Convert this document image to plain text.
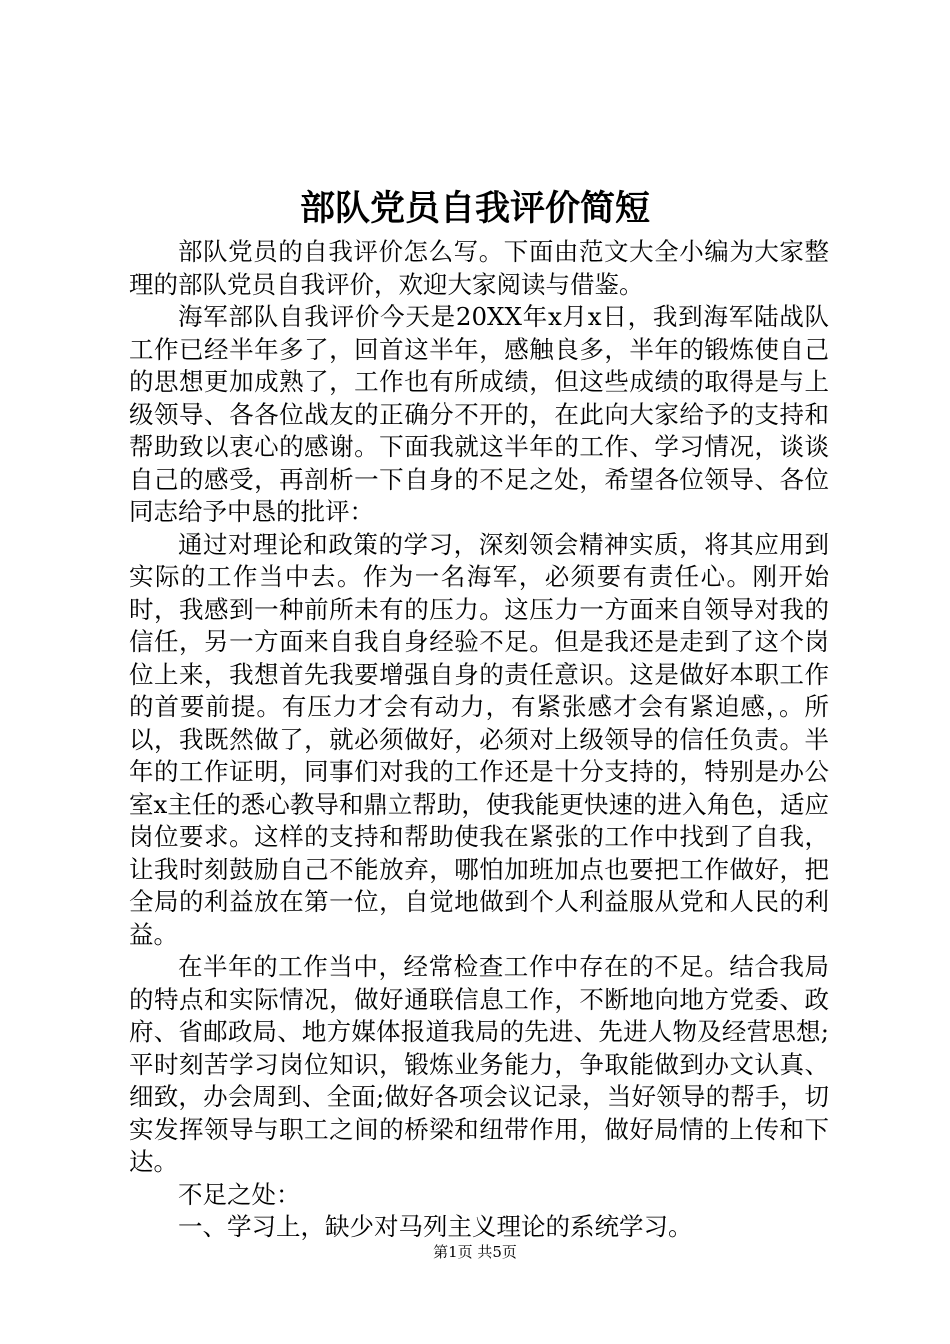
部队党员自我评价简短

部队党员的自我评价怎么写。下面由范文大全小编为大家整理的部队党员自我评价，欢迎大家阅读与借鉴。

海军部队自我评价今天是20XX年x月x日，我到海军陆战队工作已经半年多了，回首这半年，感触良多，半年的锻炼使自己的思想更加成熟了，工作也有所成绩，但这些成绩的取得是与上级领导、各各位战友的正确分不开的，在此向大家给予的支持和帮助致以衷心的感谢。下面我就这半年的工作、学习情况，谈谈自己的感受，再剖析一下自身的不足之处，希望各位领导、各位同志给予中恳的批评：

通过对理论和政策的学习，深刻领会精神实质，将其应用到实际的工作当中去。作为一名海军，必须要有责任心。刚开始时，我感到一种前所未有的压力。这压力一方面来自领导对我的信任，另一方面来自我自身经验不足。但是我还是走到了这个岗位上来，我想首先我要增强自身的责任意识。这是做好本职工作的首要前提。有压力才会有动力，有紧张感才会有紧迫感，。所以，我既然做了，就必须做好，必须对上级领导的信任负责。半年的工作证明，同事们对我的工作还是十分支持的，特别是办公室x主任的悉心教导和鼎立帮助，使我能更快速的进入角色，适应岗位要求。这样的支持和帮助使我在紧张的工作中找到了自我，让我时刻鼓励自己不能放弃，哪怕加班加点也要把工作做好，把全局的利益放在第一位，自觉地做到个人利益服从党和人民的利益。

在半年的工作当中，经常检查工作中存在的不足。结合我局的特点和实际情况，做好通联信息工作，不断地向地方党委、政府、省邮政局、地方媒体报道我局的先进、先进人物及经营思想;平时刻苦学习岗位知识，锻炼业务能力，争取能做到办文认真、细致，办会周到、全面;做好各项会议记录，当好领导的帮手，切实发挥领导与职工之间的桥梁和纽带作用，做好局情的上传和下达。

不足之处：

一、学习上，缺少对马列主义理论的系统学习。

第1页 共5页
